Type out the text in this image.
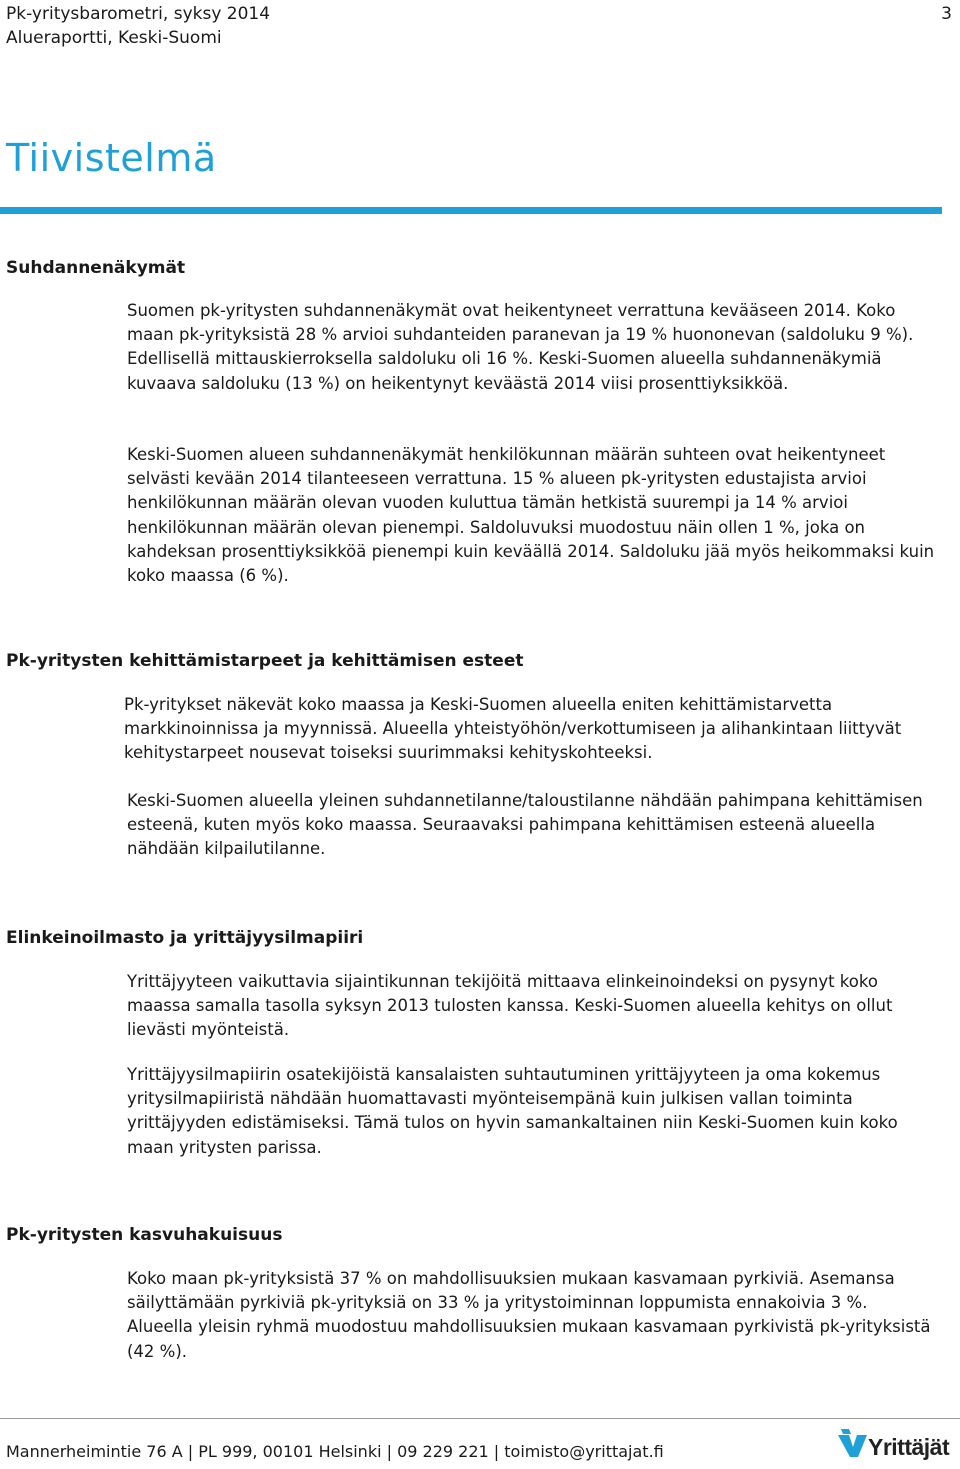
Pk-yritysbarometri, syksy 2014
Alueraportti, Keski-Suomi
3
Tiivistelmä
Suhdannenäkymät

Suomen pk-yritysten suhdannenäkymät ovat heikentyneet verrattuna kevääseen 2014. Koko maan pk-yrityksistä 28 % arvioi suhdanteiden paranevan ja 19 % huononevan (saldoluku 9 %). Edellisellä mittauskierroksella saldoluku oli 16 %. Keski-Suomen alueella suhdannenäkymiä kuvaava saldoluku (13 %) on heikentynyt keväästä 2014 viisi prosenttiyksikköä.

Keski-Suomen alueen suhdannenäkymät henkilökunnan määrän suhteen ovat heikentyneet selvästi kevään 2014 tilanteeseen verrattuna. 15 % alueen pk-yritysten edustajista arvioi henkilökunnan määrän olevan vuoden kuluttua tämän hetkistä suurempi ja 14 % arvioi henkilökunnan määrän olevan pienempi. Saldoluvuksi muodostuu näin ollen 1 %, joka on kahdeksan prosenttiyksikköä pienempi kuin keväällä 2014. Saldoluku jää myös heikommaksi kuin koko maassa (6 %).

Pk-yritysten kehittämistarpeet ja kehittämisen esteet

Pk-yritykset näkevät koko maassa ja Keski-Suomen alueella eniten kehittämistarvetta markkinoinnissa ja myynnissä. Alueella yhteistyöhön/verkottumiseen ja alihankintaan liittyvät kehitystarpeet nousevat toiseksi suurimmaksi kehityskohteeksi.

Keski-Suomen alueella yleinen suhdannetilanne/taloustilanne nähdään pahimpana kehittämisen esteenä, kuten myös koko maassa. Seuraavaksi pahimpana kehittämisen esteenä alueella nähdään kilpailutilanne.

Elinkeinoilmasto ja yrittäjyysilmapiiri

Yrittäjyyteen vaikuttavia sijaintikunnan tekijöitä mittaava elinkeinoindeksi on pysynyt koko maassa samalla tasolla syksyn 2013 tulosten kanssa. Keski-Suomen alueella kehitys on ollut lievästi myönteistä.

Yrittäjyysilmapiirin osatekijöistä kansalaisten suhtautuminen yrittäjyyteen ja oma kokemus yritysilmapiiristä nähdään huomattavasti myönteisempänä kuin julkisen vallan toiminta yrittäjyyden edistämiseksi. Tämä tulos on hyvin samankaltainen niin Keski-Suomen kuin koko maan yritysten parissa.

Pk-yritysten kasvuhakuisuus

Koko maan pk-yrityksistä 37 % on mahdollisuuksien mukaan kasvamaan pyrkiviä. Asemansa säilyttämään pyrkiviä pk-yrityksiä on 33 % ja yritystoiminnan loppumista ennakoivia 3 %. Alueella yleisin ryhmä muodostuu mahdollisuuksien mukaan kasvamaan pyrkivistä pk-yrityksistä (42 %).

Mannerheimintie 76 A | PL 999, 00101 Helsinki | 09 229 221 | toimisto@yrittajat.fi	Yrittäjät
